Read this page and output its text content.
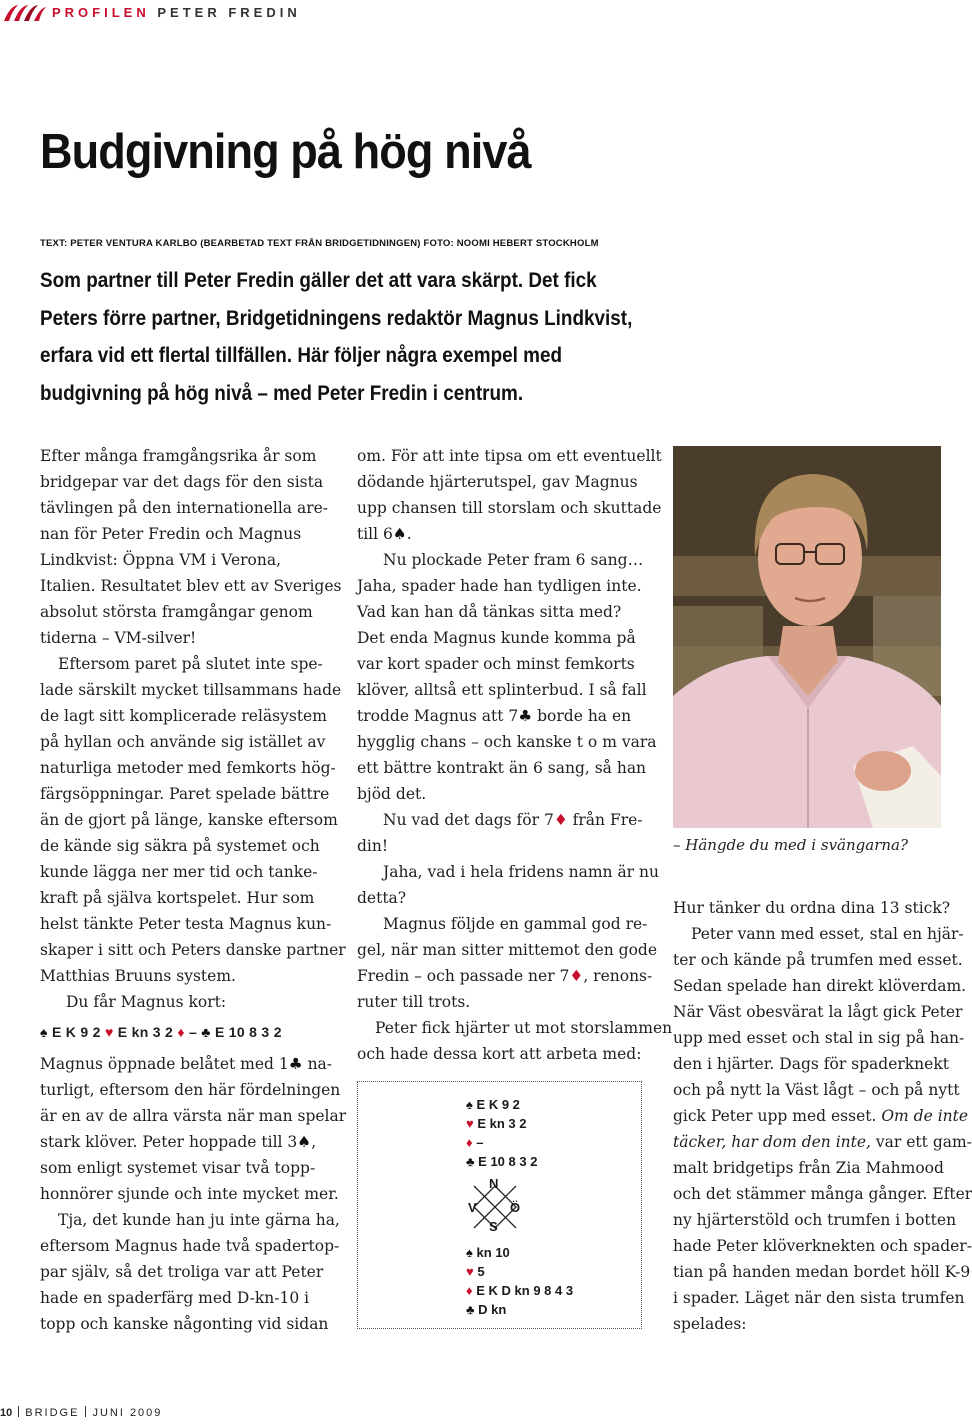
PROFILEN PETER FREDIN
Budgivning på hög nivå
TEXT: PETER VENTURA KARLBO (BEARBETAD TEXT FRÅN BRIDGETIDNINGEN) FOTO: NOOMI HEBERT STOCKHOLM
Som partner till Peter Fredin gäller det att vara skärpt. Det fick
Peters förre partner, Bridgetidningens redaktör Magnus Lindkvist,
erfara vid ett flertal tillfällen. Här följer några exempel med
budgivning på hög nivå – med Peter Fredin i centrum.

Efter många framgångsrika år som
bridgepar var det dags för den sista
tävlingen på den internationella are-
nan för Peter Fredin och Magnus
Lindkvist: Öppna VM i Verona,
Italien. Resultatet blev ett av Sveriges
absolut största framgångar genom
tiderna – VM-silver!

Eftersom paret på slutet inte spe-
lade särskilt mycket tillsammans hade
de lagt sitt komplicerade reläsystem
på hyllan och använde sig istället av
naturliga metoder med femkorts hög-
färgsöppningar. Paret spelade bättre
än de gjort på länge, kanske eftersom
de kände sig säkra på systemet och
kunde lägga ner mer tid och tanke-
kraft på själva kortspelet. Hur som
helst tänkte Peter testa Magnus kun-
skaper i sitt och Peters danske partner
Matthias Bruuns system.

Du får Magnus kort:

♠ E K 9 2 ♥ E kn 3 2 ♦ – ♣ E 10 8 3 2

Magnus öppnade belåtet med 1♣ na-
turligt, eftersom den här fördelningen
är en av de allra värsta när man spelar
stark klöver. Peter hoppade till 3♠,
som enligt systemet visar två topp-
honnörer sjunde och inte mycket mer.

Tja, det kunde han ju inte gärna ha,
eftersom Magnus hade två spadertop-
par själv, så det troliga var att Peter
hade en spaderfärg med D-kn-10 i
topp och kanske någonting vid sidan

om. För att inte tipsa om ett eventuellt
dödande hjärterutspel, gav Magnus
upp chansen till storslam och skuttade
till 6♠.

Nu plockade Peter fram 6 sang…
Jaha, spader hade han tydligen inte.
Vad kan han då tänkas sitta med?
Det enda Magnus kunde komma på
var kort spader och minst femkorts
klöver, alltså ett splinterbud. I så fall
trodde Magnus att 7♣ borde ha en
hygglig chans – och kanske t o m vara
ett bättre kontrakt än 6 sang, så han
bjöd det.

Nu vad det dags för 7♦ från Fre-
din!

Jaha, vad i hela fridens namn är nu
detta?

Magnus följde en gammal god re-
gel, när man sitter mittemot den gode
Fredin – och passade ner 7♦, renons-
ruter till trots.

Peter fick hjärter ut mot storslammen
och hade dessa kort att arbeta med:

♠ E K 9 2
♥ E kn 3 2
♦ –
♣ E 10 8 3 2
N
V	Ö
S
♠ kn 10
♥ 5
♦ E K D kn 9 8 4 3
♣ D kn
– Hängde du med i svängarna?

Hur tänker du ordna dina 13 stick?

Peter vann med esset, stal en hjär-
ter och kände på trumfen med esset.
Sedan spelade han direkt klöverdam.
När Väst obesvärat la lågt gick Peter
upp med esset och stal in sig på han-
den i hjärter. Dags för spaderknekt
och på nytt la Väst lågt – och på nytt
gick Peter upp med esset. Om de inte
täcker, har dom den inte, var ett gam-
malt bridgetips från Zia Mahmood
och det stämmer många gånger. Efter
ny hjärterstöld och trumfen i botten
hade Peter klöverknekten och spader-
tian på handen medan bordet höll K-9
i spader. Läget när den sista trumfen
spelades:

10 BRIDGE JUNI 2009
